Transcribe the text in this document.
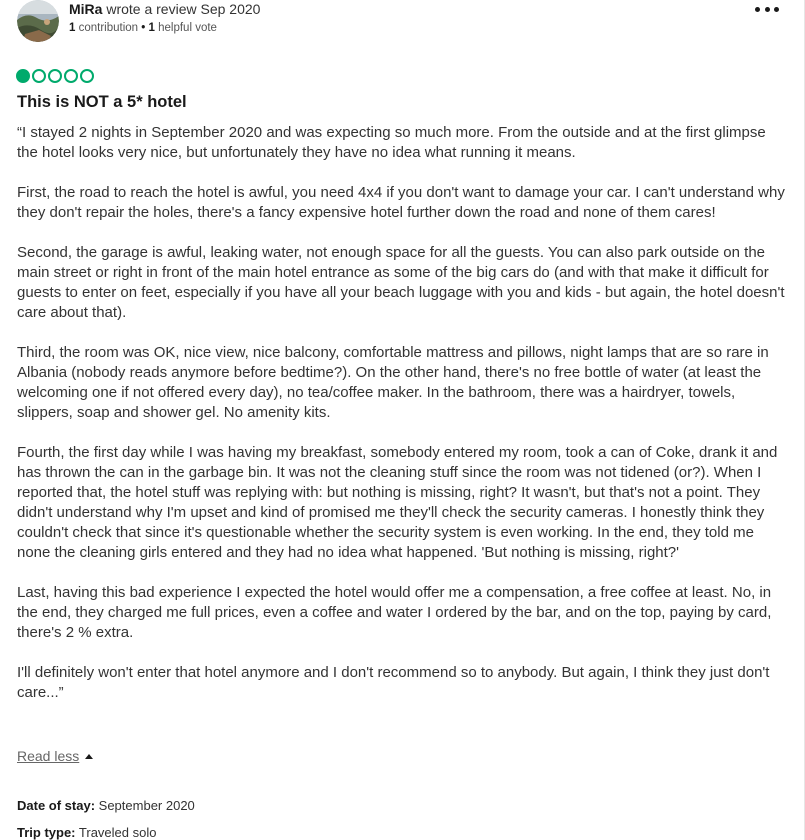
MiRa wrote a review Sep 2020
1 contribution • 1 helpful vote
This is NOT a 5* hotel

“I stayed 2 nights in September 2020 and was expecting so much more. From the outside and at the first glimpse the hotel looks very nice, but unfortunately they have no idea what running it means.

First, the road to reach the hotel is awful, you need 4x4 if you don't want to damage your car. I can't understand why they don't repair the holes, there's a fancy expensive hotel further down the road and none of them cares!

Second, the garage is awful, leaking water, not enough space for all the guests. You can also park outside on the main street or right in front of the main hotel entrance as some of the big cars do (and with that make it difficult for guests to enter on feet, especially if you have all your beach luggage with you and kids - but again, the hotel doesn't care about that).

Third, the room was OK, nice view, nice balcony, comfortable mattress and pillows, night lamps that are so rare in Albania (nobody reads anymore before bedtime?). On the other hand, there's no free bottle of water (at least the welcoming one if not offered every day), no tea/coffee maker. In the bathroom, there was a hairdryer, towels, slippers, soap and shower gel. No amenity kits.

Fourth, the first day while I was having my breakfast, somebody entered my room, took a can of Coke, drank it and has thrown the can in the garbage bin. It was not the cleaning stuff since the room was not tidened (or?). When I reported that, the hotel stuff was replying with: but nothing is missing, right? It wasn't, but that's not a point. They didn't understand why I'm upset and kind of promised me they'll check the security cameras. I honestly think they couldn't check that since it's questionable whether the security system is even working. In the end, they told me none the cleaning girls entered and they had no idea what happened. 'But nothing is missing, right?'

Last, having this bad experience I expected the hotel would offer me a compensation, a free coffee at least. No, in the end, they charged me full prices, even a coffee and water I ordered by the bar, and on the top, paying by card, there's 2 % extra.

I'll definitely won't enter that hotel anymore and I don't recommend so to anybody. But again, I think they just don't care...”

Read less
Date of stay: September 2020
Trip type: Traveled solo
